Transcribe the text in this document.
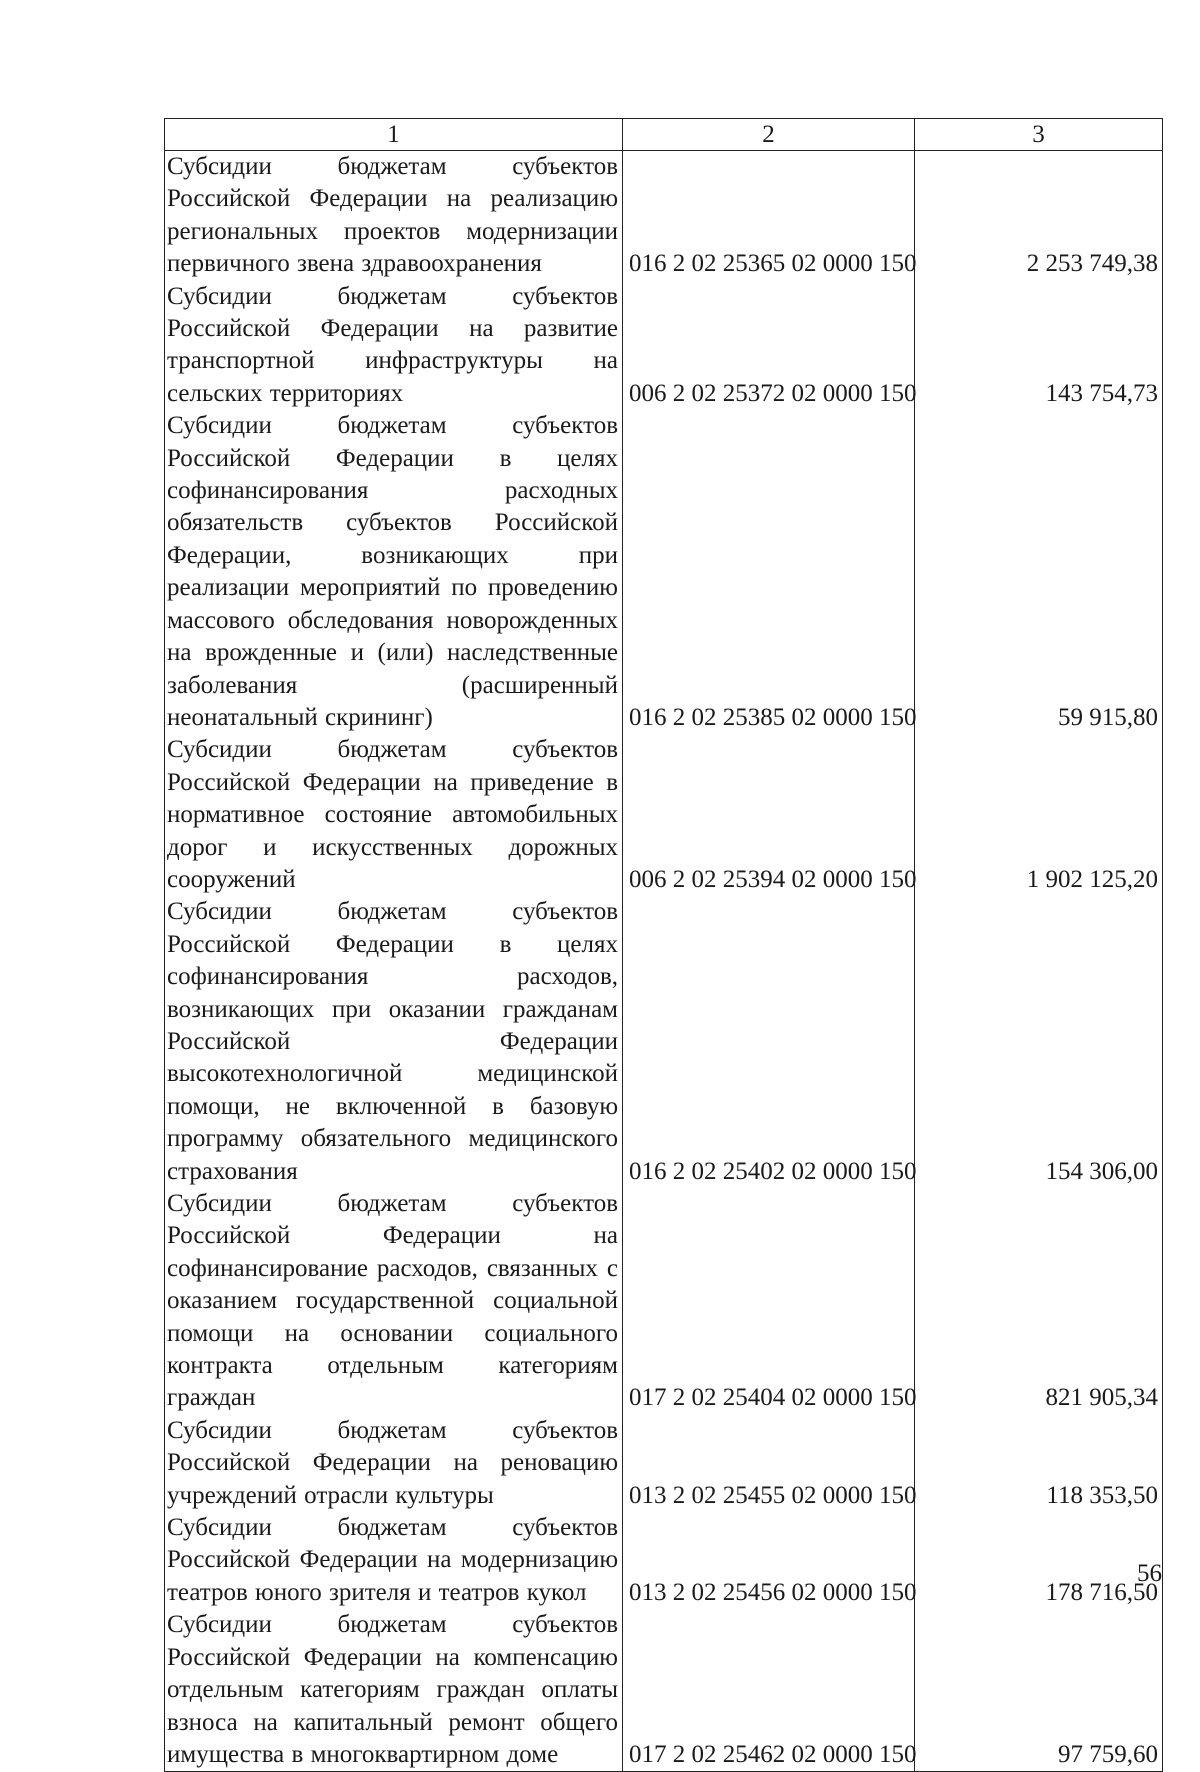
1	2	3
Субсидии бюджетам субъектов Российской Федерации на реализацию региональных проектов модернизации первичного звена здравоохранения	016 2 02 25365 02 0000 150	2 253 749,38
Субсидии бюджетам субъектов Российской Федерации на развитие транспортной инфраструктуры на сельских территориях	006 2 02 25372 02 0000 150	143 754,73
Субсидии бюджетам субъектов Российской Федерации в целях софинансирования расходных обязательств субъектов Российской Федерации, возникающих при реализации мероприятий по проведению массового обследования новорожденных на врожденные и (или) наследственные заболевания (расширенный неонатальный скрининг)	016 2 02 25385 02 0000 150	59 915,80
Субсидии бюджетам субъектов Российской Федерации на приведение в нормативное состояние автомобильных дорог и искусственных дорожных сооружений	006 2 02 25394 02 0000 150	1 902 125,20
Субсидии бюджетам субъектов Российской Федерации в целях софинансирования расходов, возникающих при оказании гражданам Российской Федерации высокотехнологичной медицинской помощи, не включенной в базовую программу обязательного медицинского страхования	016 2 02 25402 02 0000 150	154 306,00
Субсидии бюджетам субъектов Российской Федерации на софинансирование расходов, связанных с оказанием государственной социальной помощи на основании социального контракта отдельным категориям граждан	017 2 02 25404 02 0000 150	821 905,34
Субсидии бюджетам субъектов Российской Федерации на реновацию учреждений отрасли культуры	013 2 02 25455 02 0000 150	118 353,50
Субсидии бюджетам субъектов Российской Федерации на модернизацию театров юного зрителя и театров кукол	013 2 02 25456 02 0000 150	178 716,50
Субсидии бюджетам субъектов Российской Федерации на компенсацию отдельным категориям граждан оплаты взноса на капитальный ремонт общего имущества в многоквартирном доме	017 2 02 25462 02 0000 150	97 759,60
56
